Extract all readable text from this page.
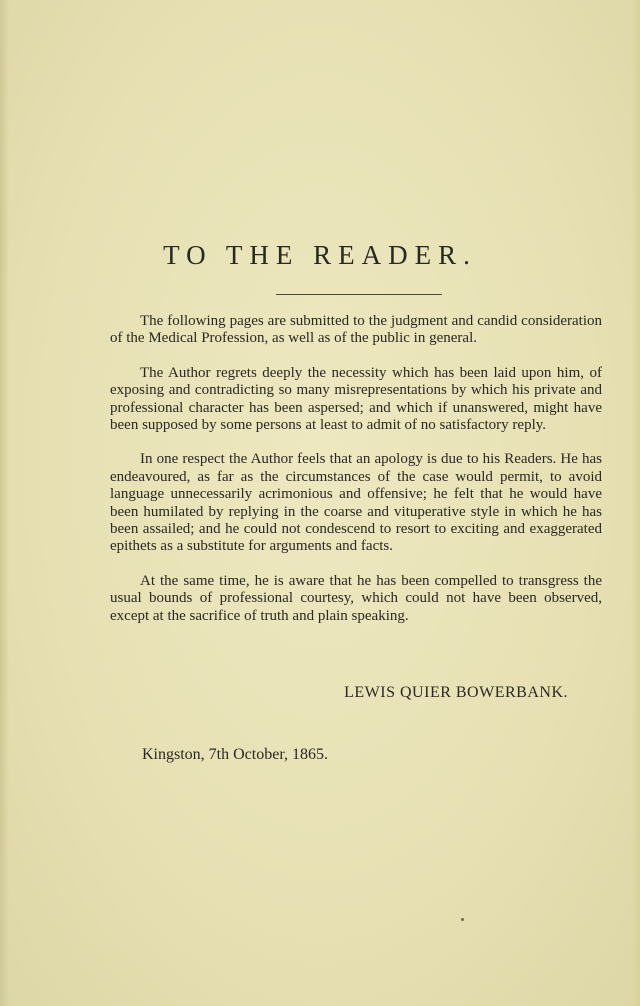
TO THE READER.

The following pages are submitted to the judgment and candid consideration of the Medical Profession, as well as of the public in general.

The Author regrets deeply the necessity which has been laid upon him, of exposing and contradicting so many misrepresentations by which his private and professional character has been aspersed; and which if unanswered, might have been supposed by some persons at least to admit of no satisfactory reply.

In one respect the Author feels that an apology is due to his Readers. He has endeavoured, as far as the circumstances of the case would permit, to avoid language unnecessarily acrimonious and offensive; he felt that he would have been humilated by replying in the coarse and vituperative style in which he has been assailed; and he could not condescend to resort to exciting and exaggerated epithets as a substitute for arguments and facts.

At the same time, he is aware that he has been compelled to transgress the usual bounds of professional courtesy, which could not have been observed, except at the sacrifice of truth and plain speaking.

LEWIS QUIER BOWERBANK.
Kingston, 7th October, 1865.
